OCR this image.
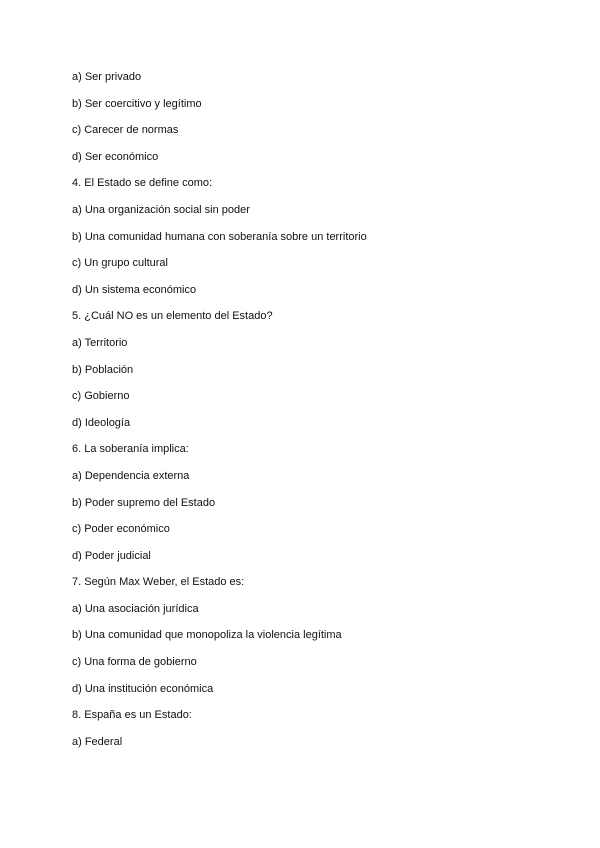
a) Ser privado
b) Ser coercitivo y legítimo
c) Carecer de normas
d) Ser económico
4. El Estado se define como:
a) Una organización social sin poder
b) Una comunidad humana con soberanía sobre un territorio
c) Un grupo cultural
d) Un sistema económico
5. ¿Cuál NO es un elemento del Estado?
a) Territorio
b) Población
c) Gobierno
d) Ideología
6. La soberanía implica:
a) Dependencia externa
b) Poder supremo del Estado
c) Poder económico
d) Poder judicial
7. Según Max Weber, el Estado es:
a) Una asociación jurídica
b) Una comunidad que monopoliza la violencia legítima
c) Una forma de gobierno
d) Una institución económica
8. España es un Estado:
a) Federal
